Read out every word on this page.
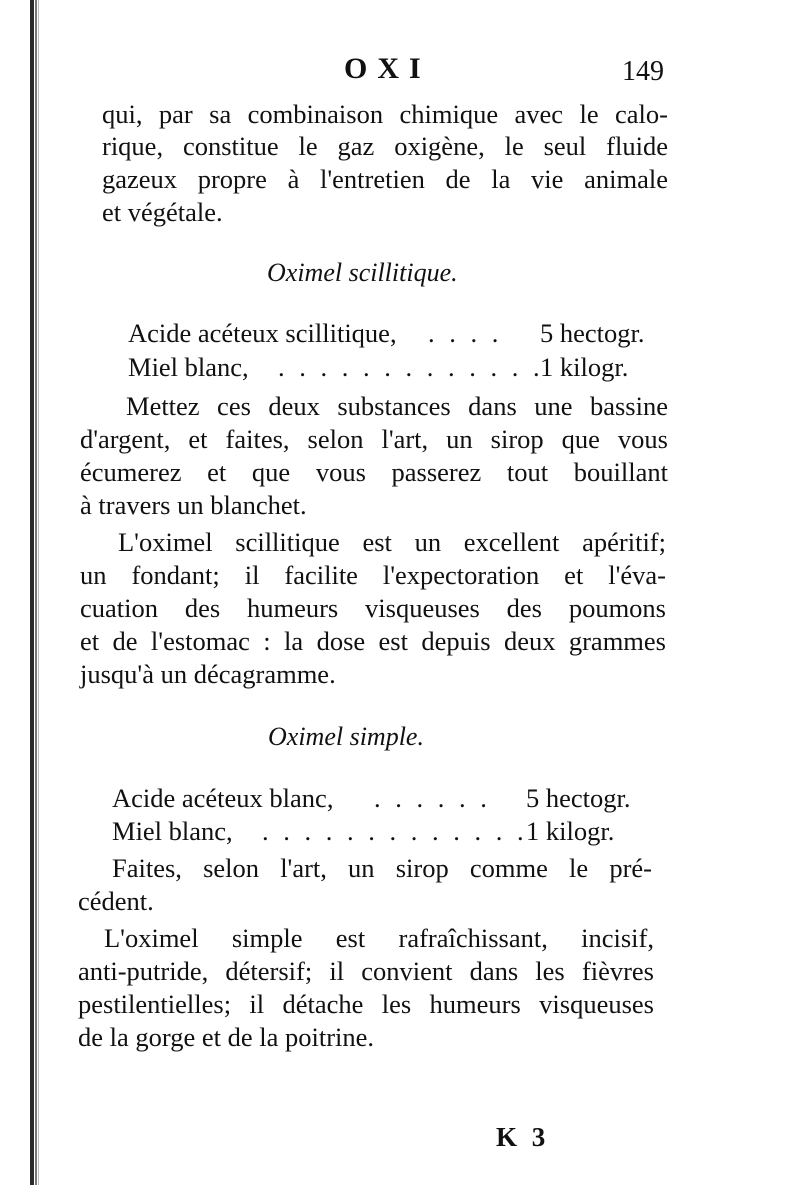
OXI	149
qui, par sa combinaison chimique avec le calo-
rique, constitue le gaz oxigène, le seul fluide
gazeux propre à l'entretien de la vie animale
et végétale.
Oximel scillitique.
Acide acéteux scillitique, . . . . 5 hectogr.
Miel blanc, . . . . . . . . . . . . .
1 kilogr.
Mettez ces deux substances dans une bassine
d'argent, et faites, selon l'art, un sirop que vous
écumerez et que vous passerez tout bouillant
à travers un blanchet.
L'oximel scillitique est un excellent apéritif;
un fondant; il facilite l'expectoration et l'éva-
cuation des humeurs visqueuses des poumons
et de l'estomac : la dose est depuis deux grammes
jusqu'à un décagramme.
Oximel simple.
Acide acéteux blanc, . . . . . . 5 hectogr.
Miel blanc, . . . . . . . . . . . . .
1 kilogr.
Faites, selon l'art, un sirop comme le pré-
cédent.
L'oximel simple est rafraîchissant, incisif,
anti-putride, détersif; il convient dans les fièvres
pestilentielles; il détache les humeurs visqueuses
de la gorge et de la poitrine.
K 3
